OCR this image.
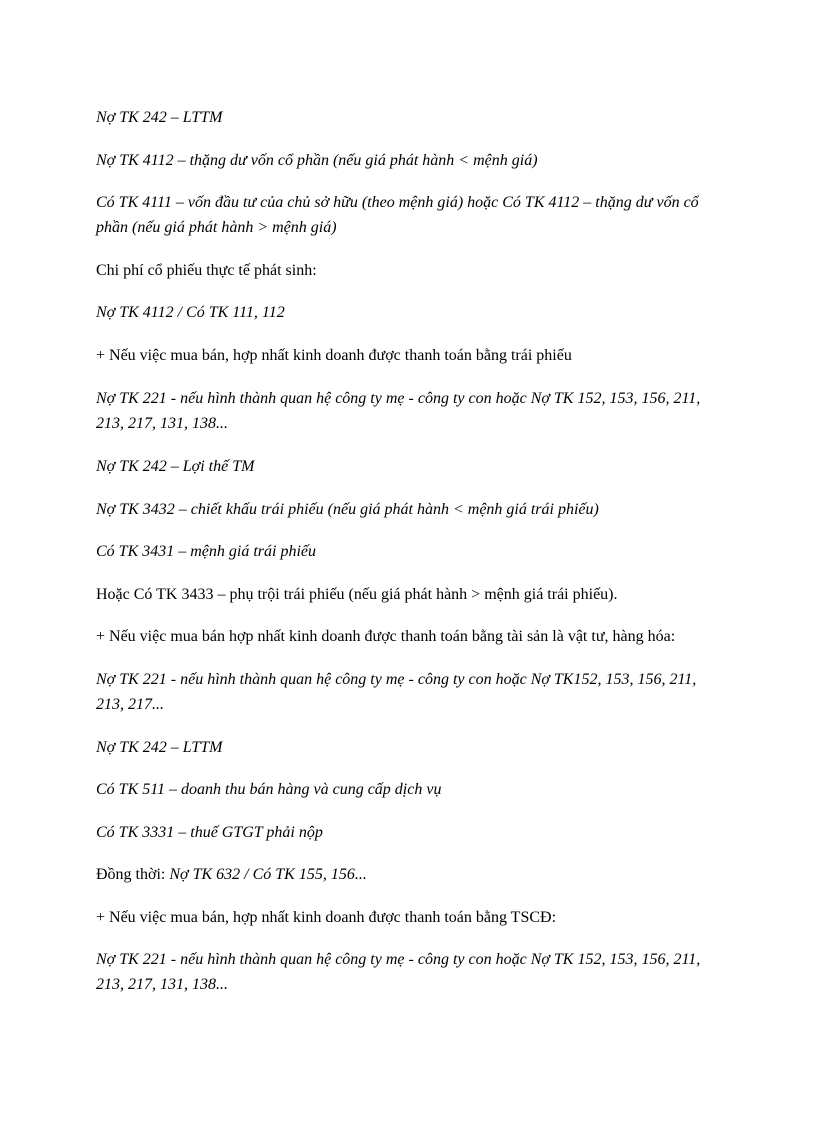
Nợ TK 242 – LTTM

Nợ TK 4112 – thặng dư vốn cổ phần (nếu giá phát hành < mệnh giá)

Có TK 4111 – vốn đầu tư của chủ sở hữu (theo mệnh giá) hoặc Có TK 4112 – thặng dư vốn cổ phần (nếu giá phát hành > mệnh giá)

Chi phí cổ phiếu thực tế phát sinh:

Nợ TK 4112 / Có TK 111, 112

+ Nếu việc mua bán, hợp nhất kinh doanh được thanh toán bằng trái phiếu

Nợ TK 221 - nếu hình thành quan hệ công ty mẹ - công ty con hoặc Nợ TK 152, 153, 156, 211, 213, 217, 131, 138...

Nợ TK 242 – Lợi thế TM

Nợ TK 3432 – chiết khấu trái phiếu (nếu giá phát hành < mệnh giá trái phiếu)

Có TK 3431 – mệnh giá trái phiếu

Hoặc Có TK 3433 – phụ trội trái phiếu (nếu giá phát hành > mệnh giá trái phiếu).

+ Nếu việc mua bán hợp nhất kinh doanh được thanh toán bằng tài sản là vật tư, hàng hóa:

Nợ TK 221 - nếu hình thành quan hệ công ty mẹ - công ty con hoặc Nợ TK152, 153, 156, 211, 213, 217...

Nợ TK 242 – LTTM

Có TK 511 – doanh thu bán hàng và cung cấp dịch vụ

Có TK 3331 – thuế GTGT phải nộp

Đồng thời: Nợ TK 632 / Có TK 155, 156...

+ Nếu việc mua bán, hợp nhất kinh doanh được thanh toán bằng TSCĐ:

Nợ TK 221 - nếu hình thành quan hệ công ty mẹ - công ty con hoặc Nợ TK 152, 153, 156, 211, 213, 217, 131, 138...
